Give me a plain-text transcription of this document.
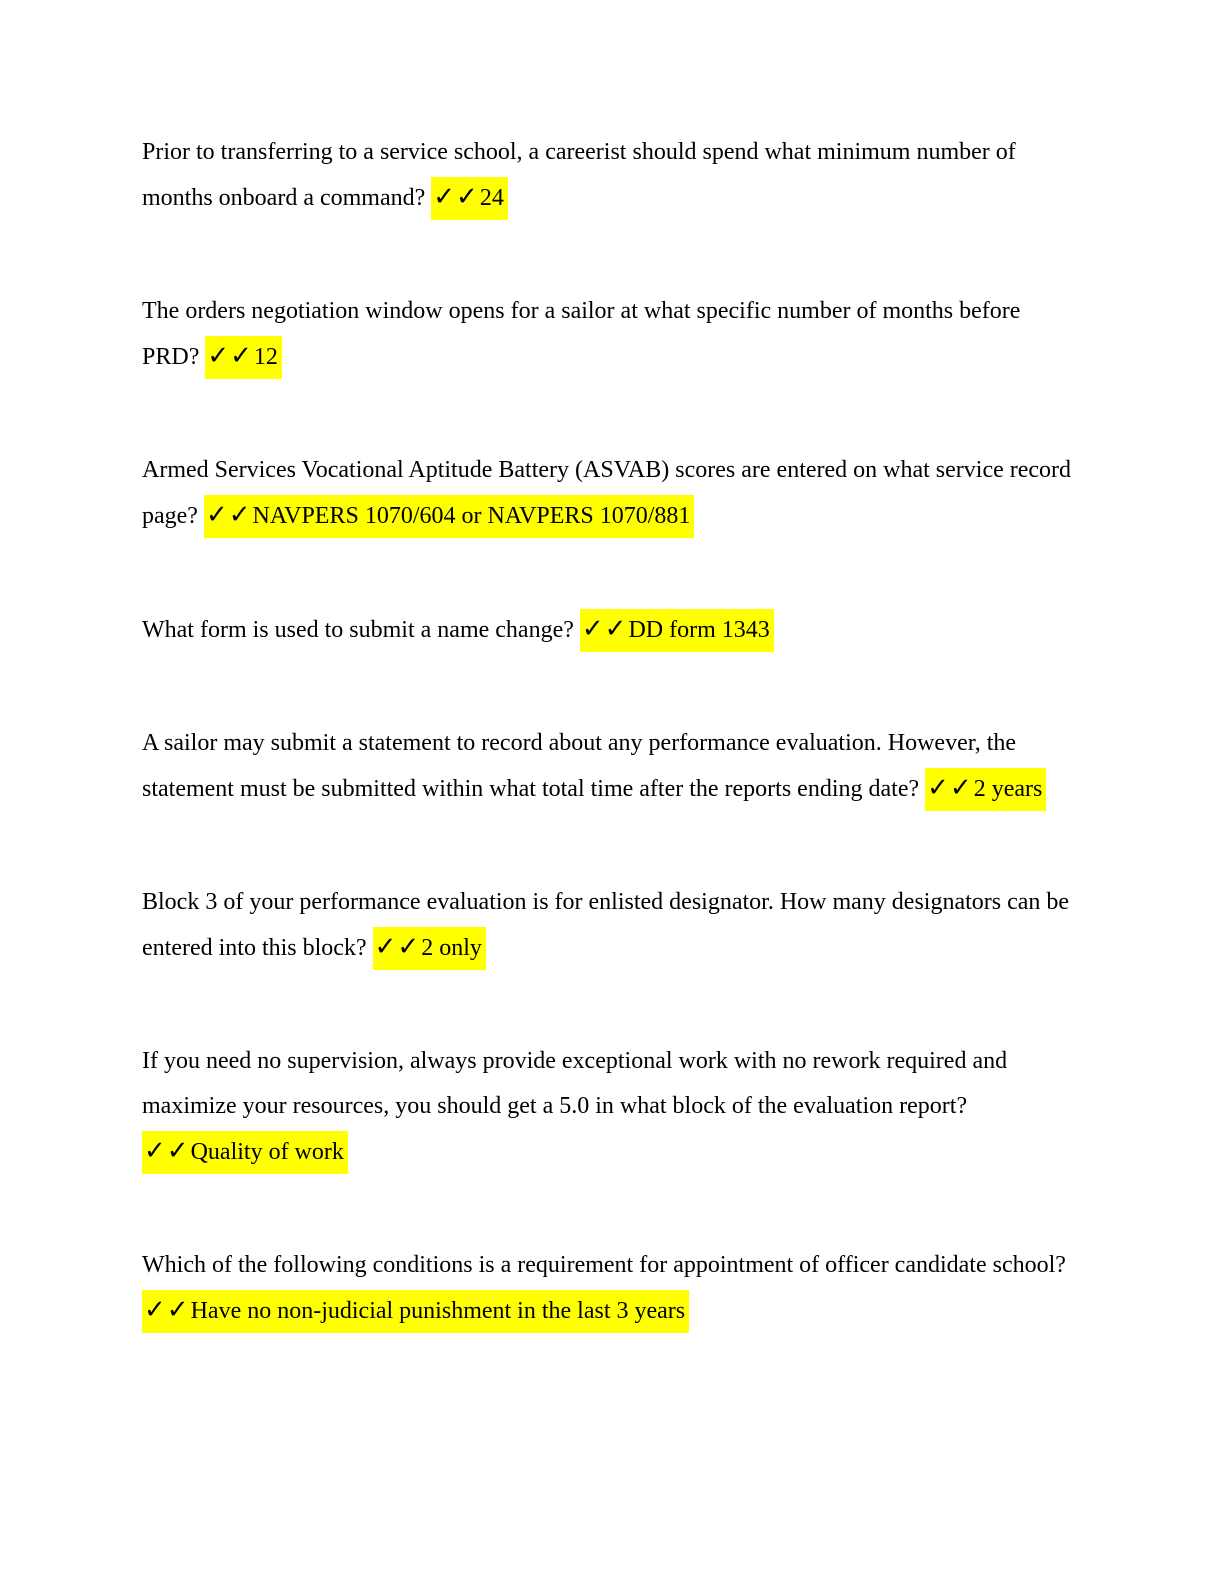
Prior to transferring to a service school, a careerist should spend what minimum number of months onboard a command? ✓✓24

The orders negotiation window opens for a sailor at what specific number of months before PRD? ✓✓12

Armed Services Vocational Aptitude Battery (ASVAB) scores are entered on what service record page? ✓✓NAVPERS 1070/604 or NAVPERS 1070/881

What form is used to submit a name change? ✓✓DD form 1343

A sailor may submit a statement to record about any performance evaluation. However, the statement must be submitted within what total time after the reports ending date? ✓✓2 years

Block 3 of your performance evaluation is for enlisted designator. How many designators can be entered into this block? ✓✓2 only

If you need no supervision, always provide exceptional work with no rework required and maximize your resources, you should get a 5.0 in what block of the evaluation report? ✓✓Quality of work

Which of the following conditions is a requirement for appointment of officer candidate school? ✓✓Have no non-judicial punishment in the last 3 years
